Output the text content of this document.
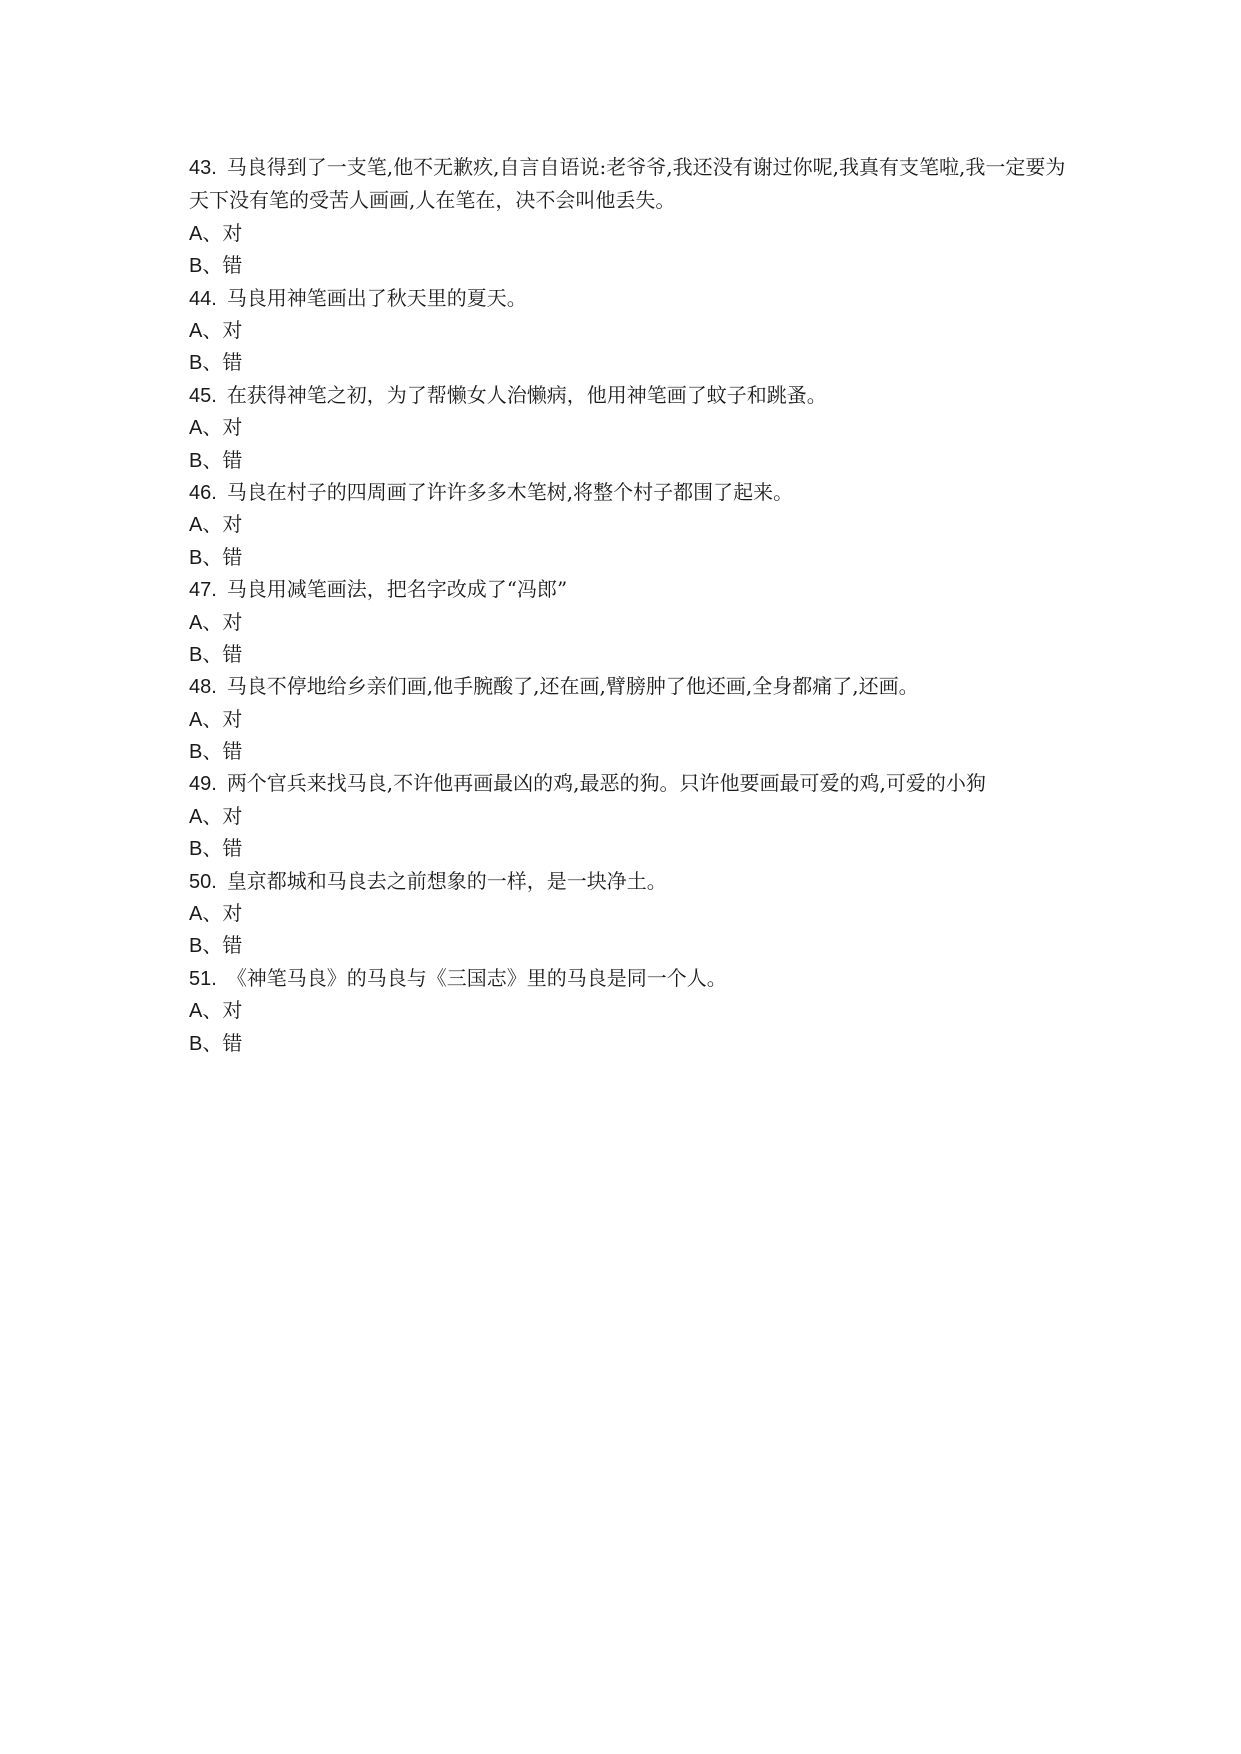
43. 马良得到了一支笔,他不无歉疚,自言自语说:老爷爷,我还没有谢过你呢,我真有支笔啦,我一定要为天下没有笔的受苦人画画,人在笔在，决不会叫他丢失。
A、对
B、错
44. 马良用神笔画出了秋天里的夏天。
A、对
B、错
45. 在获得神笔之初，为了帮懒女人治懒病，他用神笔画了蚊子和跳蚤。
A、对
B、错
46. 马良在村子的四周画了许许多多木笔树,将整个村子都围了起来。
A、对
B、错
47. 马良用减笔画法，把名字改成了“冯郎”
A、对
B、错
48. 马良不停地给乡亲们画,他手腕酸了,还在画,臂膀肿了他还画,全身都痛了,还画。
A、对
B、错
49. 两个官兵来找马良,不许他再画最凶的鸡,最恶的狗。只许他要画最可爱的鸡,可爱的小狗
A、对
B、错
50. 皇京都城和马良去之前想象的一样，是一块净土。
A、对
B、错
51. 《神笔马良》的马良与《三国志》里的马良是同一个人。
A、对
B、错
